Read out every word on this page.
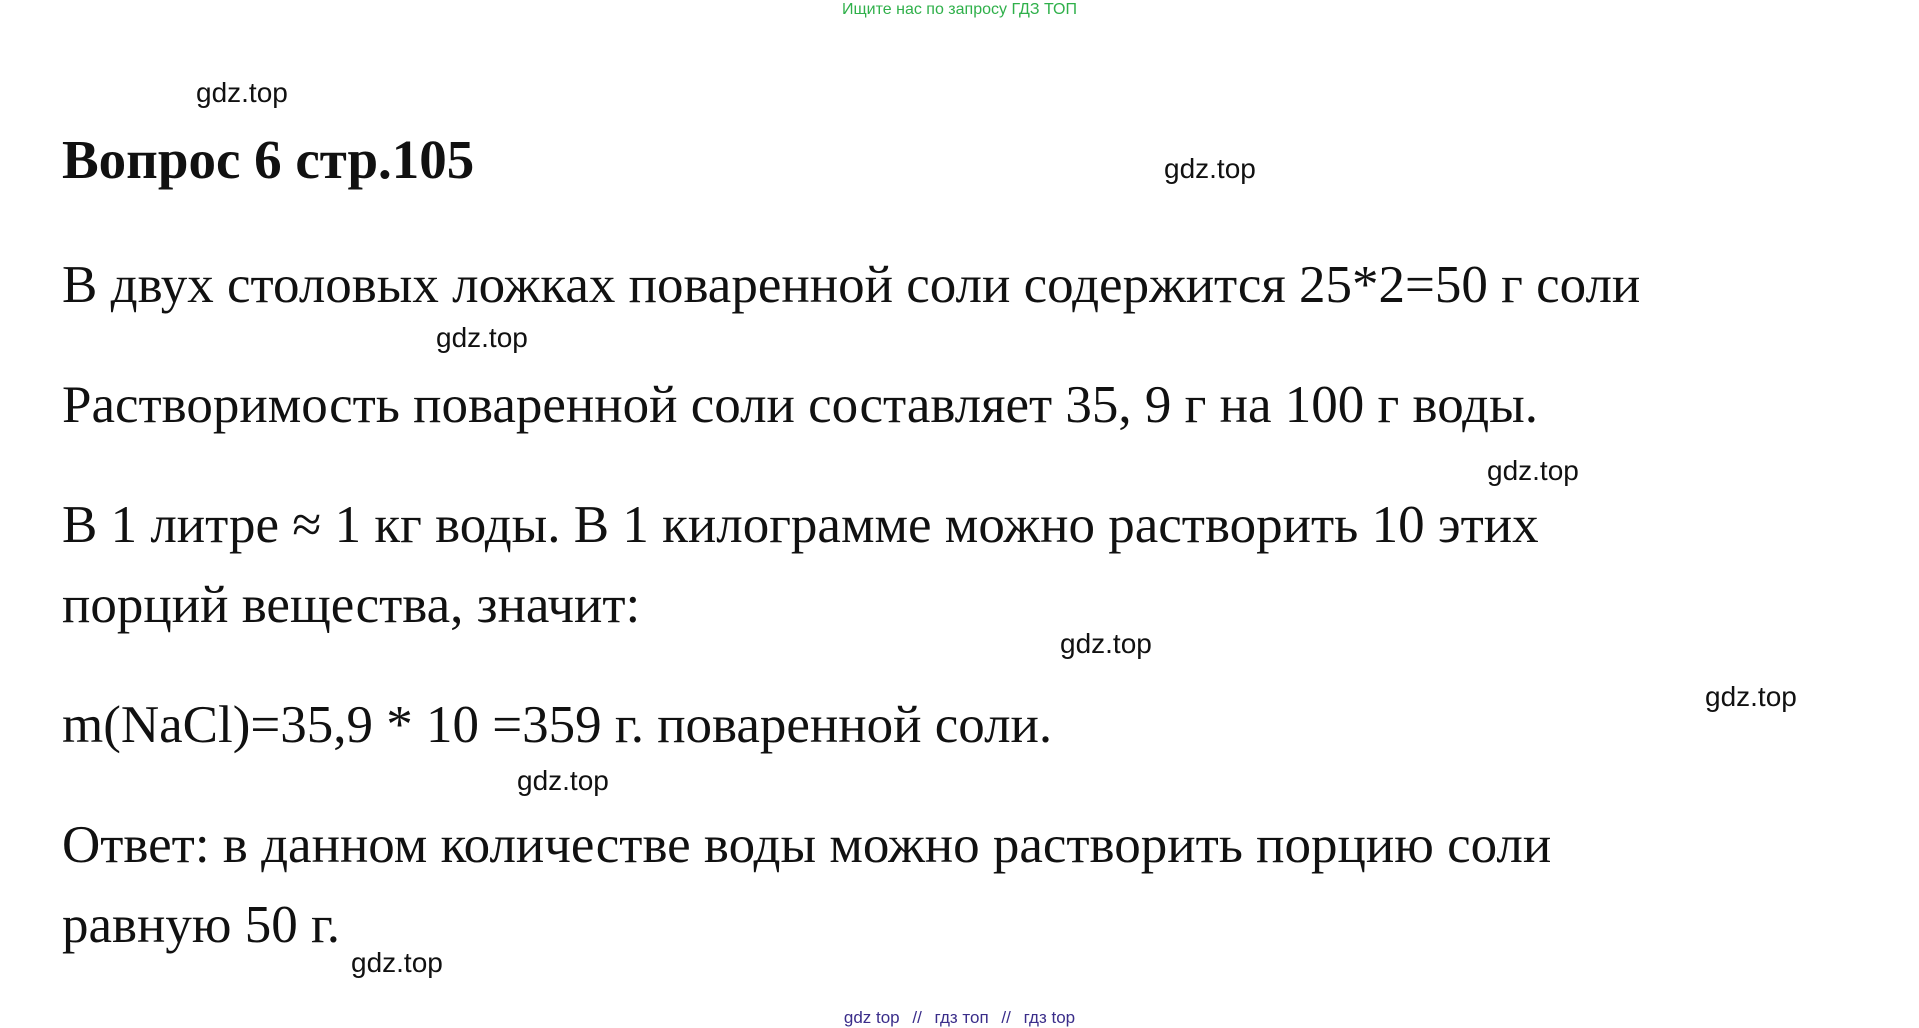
Ищите нас по запросу ГДЗ ТОП
gdz.top
gdz.top
gdz.top
gdz.top
gdz.top
gdz.top
gdz.top
gdz.top
Вопрос 6 стр.105

В двух столовых ложках поваренной соли содержится 25*2=50 г соли

Растворимость поваренной соли составляет 35, 9 г на 100 г воды.

В 1 литре ≈ 1 кг воды. В 1 килограмме можно растворить 10 этих

порций вещества, значит:

m(NaCl)=35,9 * 10 =359 г. поваренной соли.

Ответ: в данном количестве воды можно растворить порцию соли

равную 50 г.

gdz top // гдз топ // гдз top
